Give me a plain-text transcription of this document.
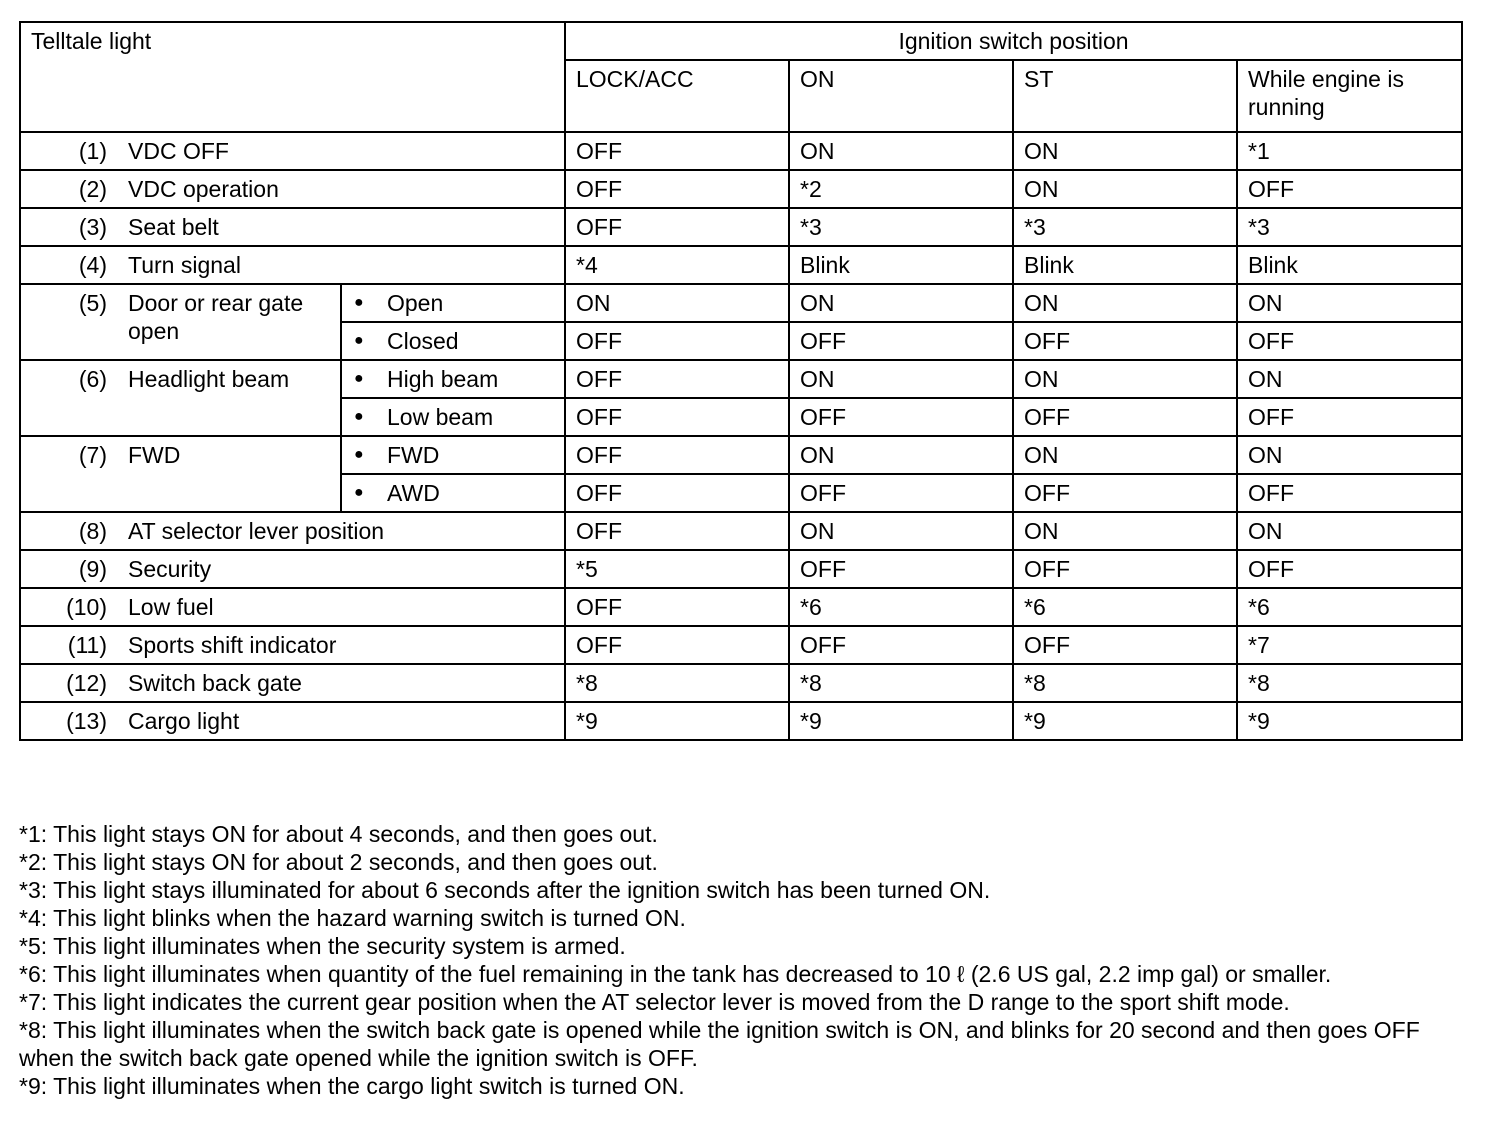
Telltale light		Ignition switch position			
		LOCK/ACC	ON	ST	While engine is running

(1) VDC OFF		OFF	ON	ON	*1

(2) VDC operation		OFF	*2	ON	OFF

(3) Seat belt		OFF	*3	*3	*3

(4) Turn signal		*4	Blink	Blink	Blink

(5) Door or rear gate open	● Open	ON	ON	ON	ON
	● Closed	OFF	OFF	OFF	OFF

(6) Headlight beam	● High beam	OFF	ON	ON	ON
	● Low beam	OFF	OFF	OFF	OFF

(7) FWD	● FWD	OFF	ON	ON	ON
	● AWD	OFF	OFF	OFF	OFF

(8) AT selector lever position		OFF	ON	ON	ON

(9) Security		*5	OFF	OFF	OFF

(10) Low fuel		OFF	*6	*6	*6

(11) Sports shift indicator		OFF	OFF	OFF	*7

(12) Switch back gate		*8	*8	*8	*8

(13) Cargo light		*9	*9	*9	*9

*1: This light stays ON for about 4 seconds, and then goes out.

*2: This light stays ON for about 2 seconds, and then goes out.

*3: This light stays illuminated for about 6 seconds after the ignition switch has been turned ON.

*4: This light blinks when the hazard warning switch is turned ON.

*5: This light illuminates when the security system is armed.

*6: This light illuminates when quantity of the fuel remaining in the tank has decreased to 10 ℓ (2.6 US gal, 2.2 imp gal) or smaller.

*7: This light indicates the current gear position when the AT selector lever is moved from the D range to the sport shift mode.

*8: This light illuminates when the switch back gate is opened while the ignition switch is ON, and blinks for 20 second and then goes OFF when the switch back gate opened while the ignition switch is OFF.

*9: This light illuminates when the cargo light switch is turned ON.
